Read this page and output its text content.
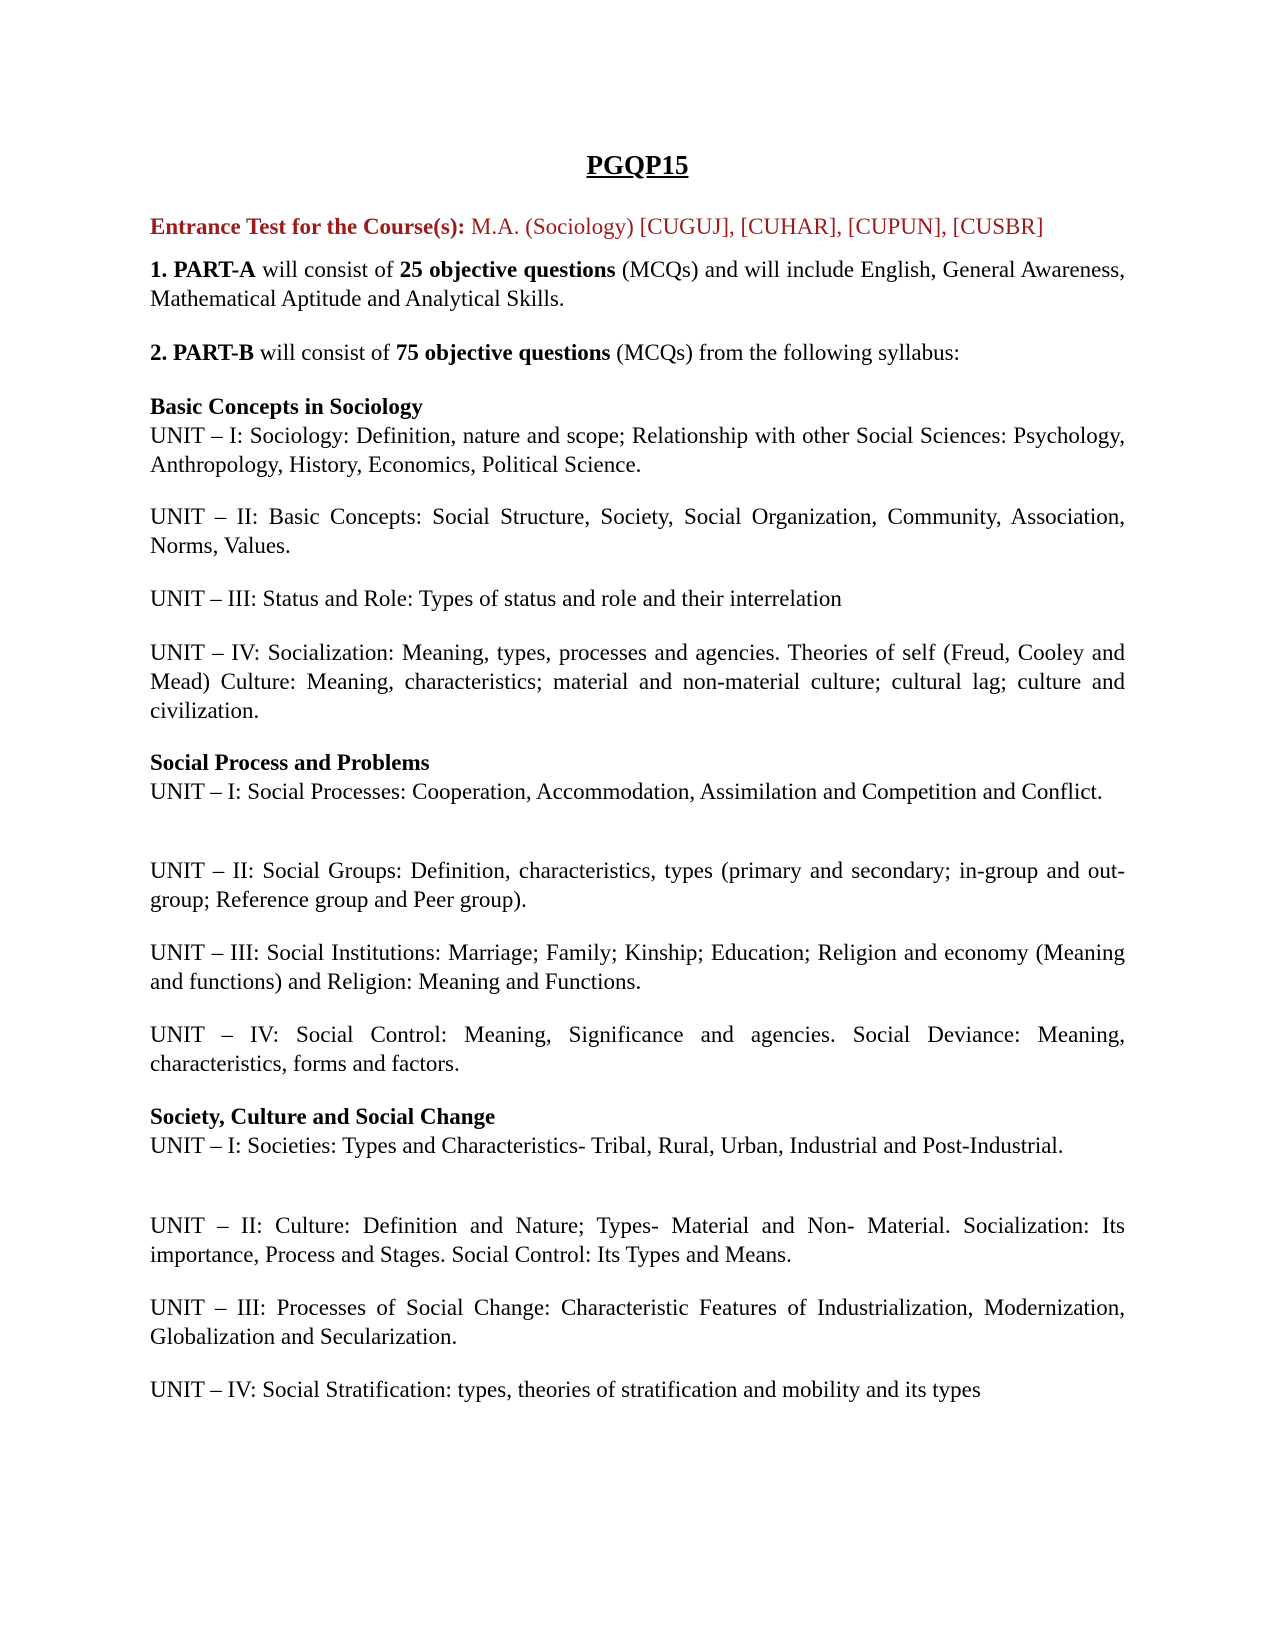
PGQP15
Entrance Test for the Course(s): M.A. (Sociology) [CUGUJ], [CUHAR], [CUPUN], [CUSBR]
1. PART-A will consist of 25 objective questions (MCQs) and will include English, General Awareness, Mathematical Aptitude and Analytical Skills.
2. PART-B will consist of 75 objective questions (MCQs) from the following syllabus:
Basic Concepts in Sociology
UNIT – I: Sociology: Definition, nature and scope; Relationship with other Social Sciences: Psychology, Anthropology, History, Economics, Political Science.
UNIT – II: Basic Concepts: Social Structure, Society, Social Organization, Community, Association, Norms, Values.
UNIT – III: Status and Role: Types of status and role and their interrelation
UNIT – IV: Socialization: Meaning, types, processes and agencies. Theories of self (Freud, Cooley and Mead) Culture: Meaning, characteristics; material and non-material culture; cultural lag; culture and civilization.
Social Process and Problems
UNIT – I: Social Processes: Cooperation, Accommodation, Assimilation and Competition and Conflict.
UNIT – II: Social Groups: Definition, characteristics, types (primary and secondary; in-group and out-group; Reference group and Peer group).
UNIT – III: Social Institutions: Marriage; Family; Kinship; Education; Religion and economy (Meaning and functions) and Religion: Meaning and Functions.
UNIT – IV: Social Control: Meaning, Significance and agencies. Social Deviance: Meaning, characteristics, forms and factors.
Society, Culture and Social Change
UNIT – I: Societies: Types and Characteristics- Tribal, Rural, Urban, Industrial and Post-Industrial.
UNIT – II: Culture: Definition and Nature; Types- Material and Non- Material. Socialization: Its importance, Process and Stages. Social Control: Its Types and Means.
UNIT – III: Processes of Social Change: Characteristic Features of Industrialization, Modernization, Globalization and Secularization.
UNIT – IV: Social Stratification: types, theories of stratification and mobility and its types
